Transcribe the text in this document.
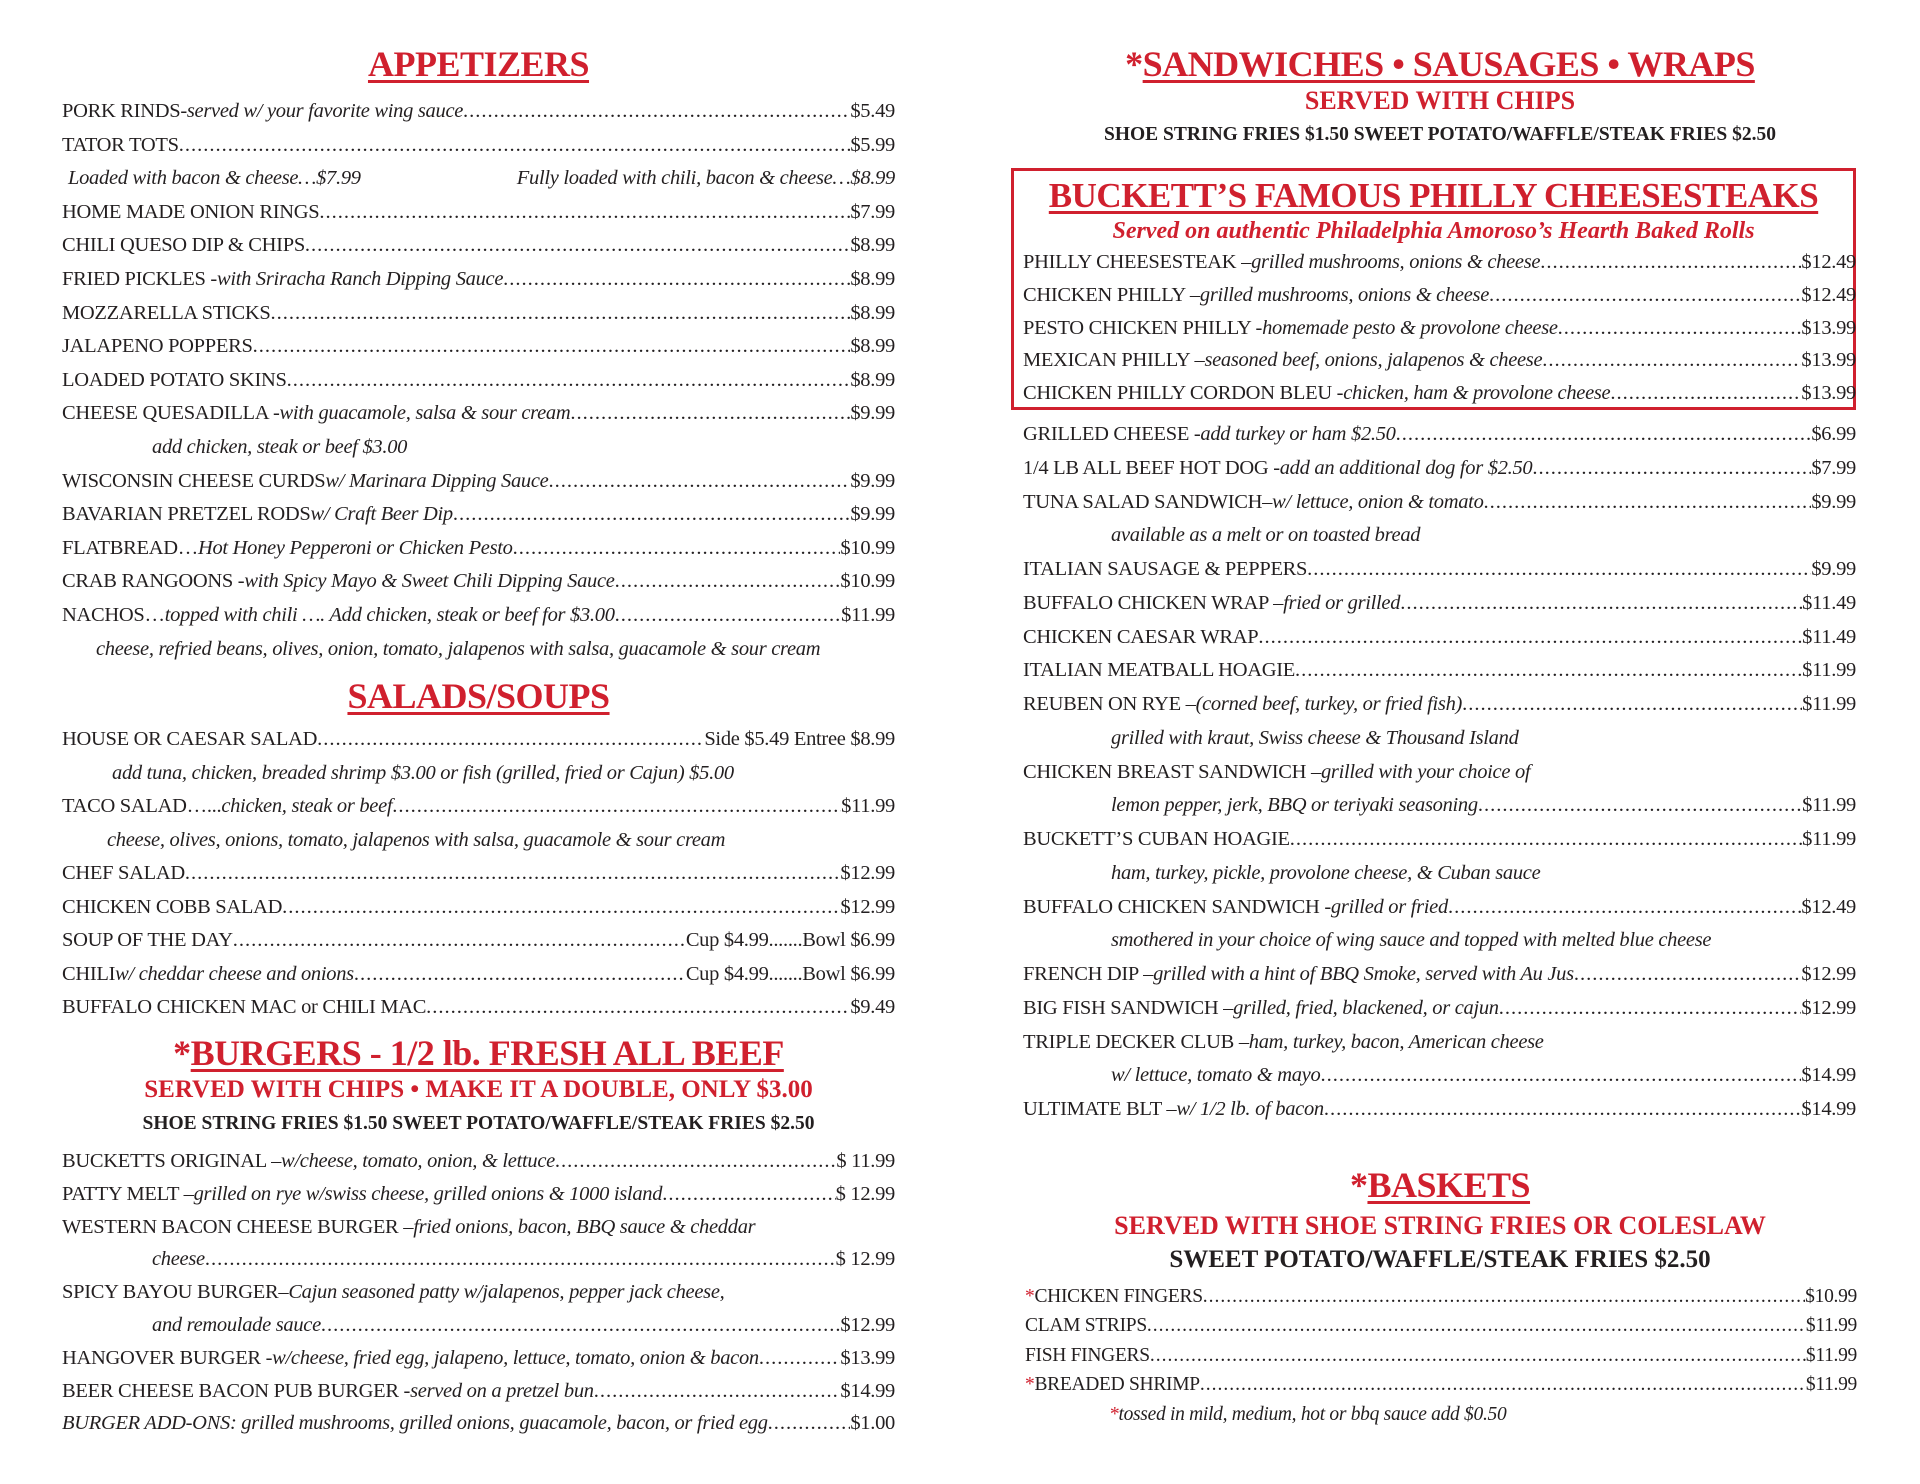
APPETIZERS
PORK RINDS- served w/ your favorite wing sauce .....	$5.49
TATOR TOTS .....	$5.99
Loaded with bacon & cheese…$7.99	Fully loaded with chili, bacon & cheese…$8.99
HOME MADE ONION RINGS .....	$7.99
CHILI QUESO DIP & CHIPS .....	$8.99
FRIED PICKLES - with Sriracha Ranch Dipping Sauce .....	$8.99
MOZZARELLA STICKS .....	$8.99
JALAPENO POPPERS .....	$8.99
LOADED POTATO SKINS .....	$8.99
CHEESE QUESADILLA - with guacamole, salsa & sour cream .....	$9.99
add chicken, steak or beef $3.00
WISCONSIN CHEESE CURDS w/ Marinara Dipping Sauce .....	$9.99
BAVARIAN PRETZEL RODS w/ Craft Beer Dip .....	$9.99
FLATBREAD… Hot Honey Pepperoni or Chicken Pesto .....	$10.99
CRAB RANGOONS - with Spicy Mayo & Sweet Chili Dipping Sauce .....	$10.99
NACHOS… topped with chili …. Add chicken, steak or beef for $3.00 .....	$11.99
cheese, refried beans, olives, onion, tomato, jalapenos with salsa, guacamole & sour cream
SALADS/SOUPS
HOUSE OR CAESAR SALAD .....	Side $5.49 Entree $8.99
add tuna, chicken, breaded shrimp $3.00 or fish (grilled, fried or Cajun) $5.00
TACO SALAD…... chicken, steak or beef .....	$11.99
cheese, olives, onions, tomato, jalapenos with salsa, guacamole & sour cream
CHEF SALAD .....	$12.99
CHICKEN COBB SALAD .....	$12.99
SOUP OF THE DAY .....	Cup $4.99.......Bowl $6.99
CHILI w/ cheddar cheese and onions .....	Cup $4.99.......Bowl $6.99
BUFFALO CHICKEN MAC or CHILI MAC .....	$9.49
*BURGERS - 1/2 lb. FRESH ALL BEEF
SERVED WITH CHIPS • MAKE IT A DOUBLE, ONLY $3.00
SHOE STRING FRIES $1.50 SWEET POTATO/WAFFLE/STEAK FRIES $2.50
BUCKETTS ORIGINAL – w/cheese, tomato, onion, & lettuce .....	$ 11.99
PATTY MELT – grilled on rye w/swiss cheese, grilled onions & 1000 island .....	$ 12.99
WESTERN BACON CHEESE BURGER – fried onions, bacon, BBQ sauce & cheddar
cheese .....	$ 12.99
SPICY BAYOU BURGER– Cajun seasoned patty w/jalapenos, pepper jack cheese,
and remoulade sauce .....	$12.99
HANGOVER BURGER - w/cheese, fried egg, jalapeno, lettuce, tomato, onion & bacon .....	$13.99
BEER CHEESE BACON PUB BURGER - served on a pretzel bun .....	$14.99
BURGER ADD-ONS: grilled mushrooms, grilled onions, guacamole, bacon, or fried egg .....	$1.00
*SANDWICHES • SAUSAGES • WRAPS
SERVED WITH CHIPS
SHOE STRING FRIES $1.50 SWEET POTATO/WAFFLE/STEAK FRIES $2.50
BUCKETT’S FAMOUS PHILLY CHEESESTEAKS
Served on authentic Philadelphia Amoroso’s Hearth Baked Rolls
PHILLY CHEESESTEAK – grilled mushrooms, onions & cheese .....	$12.49
CHICKEN PHILLY – grilled mushrooms, onions & cheese .....	$12.49
PESTO CHICKEN PHILLY - homemade pesto & provolone cheese .....	$13.99
MEXICAN PHILLY – seasoned beef, onions, jalapenos & cheese .....	$13.99
CHICKEN PHILLY CORDON BLEU - chicken, ham & provolone cheese .....	$13.99
GRILLED CHEESE - add turkey or ham $2.50 .....	$6.99
1/4 LB ALL BEEF HOT DOG - add an additional dog for $2.50 .....	$7.99
TUNA SALAD SANDWICH– w/ lettuce, onion & tomato .....	$9.99
available as a melt or on toasted bread
ITALIAN SAUSAGE & PEPPERS .....	$9.99
BUFFALO CHICKEN WRAP – fried or grilled .....	$11.49
CHICKEN CAESAR WRAP .....	$11.49
ITALIAN MEATBALL HOAGIE .....	$11.99
REUBEN ON RYE – (corned beef, turkey, or fried fish) .....	$11.99
grilled with kraut, Swiss cheese & Thousand Island
CHICKEN BREAST SANDWICH – grilled with your choice of
lemon pepper, jerk, BBQ or teriyaki seasoning .....	$11.99
BUCKETT’S CUBAN HOAGIE .....	$11.99
ham, turkey, pickle, provolone cheese, & Cuban sauce
BUFFALO CHICKEN SANDWICH - grilled or fried .....	$12.49
smothered in your choice of wing sauce and topped with melted blue cheese
FRENCH DIP – grilled with a hint of BBQ Smoke, served with Au Jus .....	$12.99
BIG FISH SANDWICH – grilled, fried, blackened, or cajun .....	$12.99
TRIPLE DECKER CLUB – ham, turkey, bacon, American cheese
w/ lettuce, tomato & mayo .....	$14.99
ULTIMATE BLT – w/ 1/2 lb. of bacon .....	$14.99
*BASKETS
SERVED WITH SHOE STRING FRIES OR COLESLAW
SWEET POTATO/WAFFLE/STEAK FRIES $2.50
* CHICKEN FINGERS .....	$10.99
CLAM STRIPS .....	$11.99
FISH FINGERS .....	$11.99
* BREADED SHRIMP .....	$11.99
*tossed in mild, medium, hot or bbq sauce add $0.50
